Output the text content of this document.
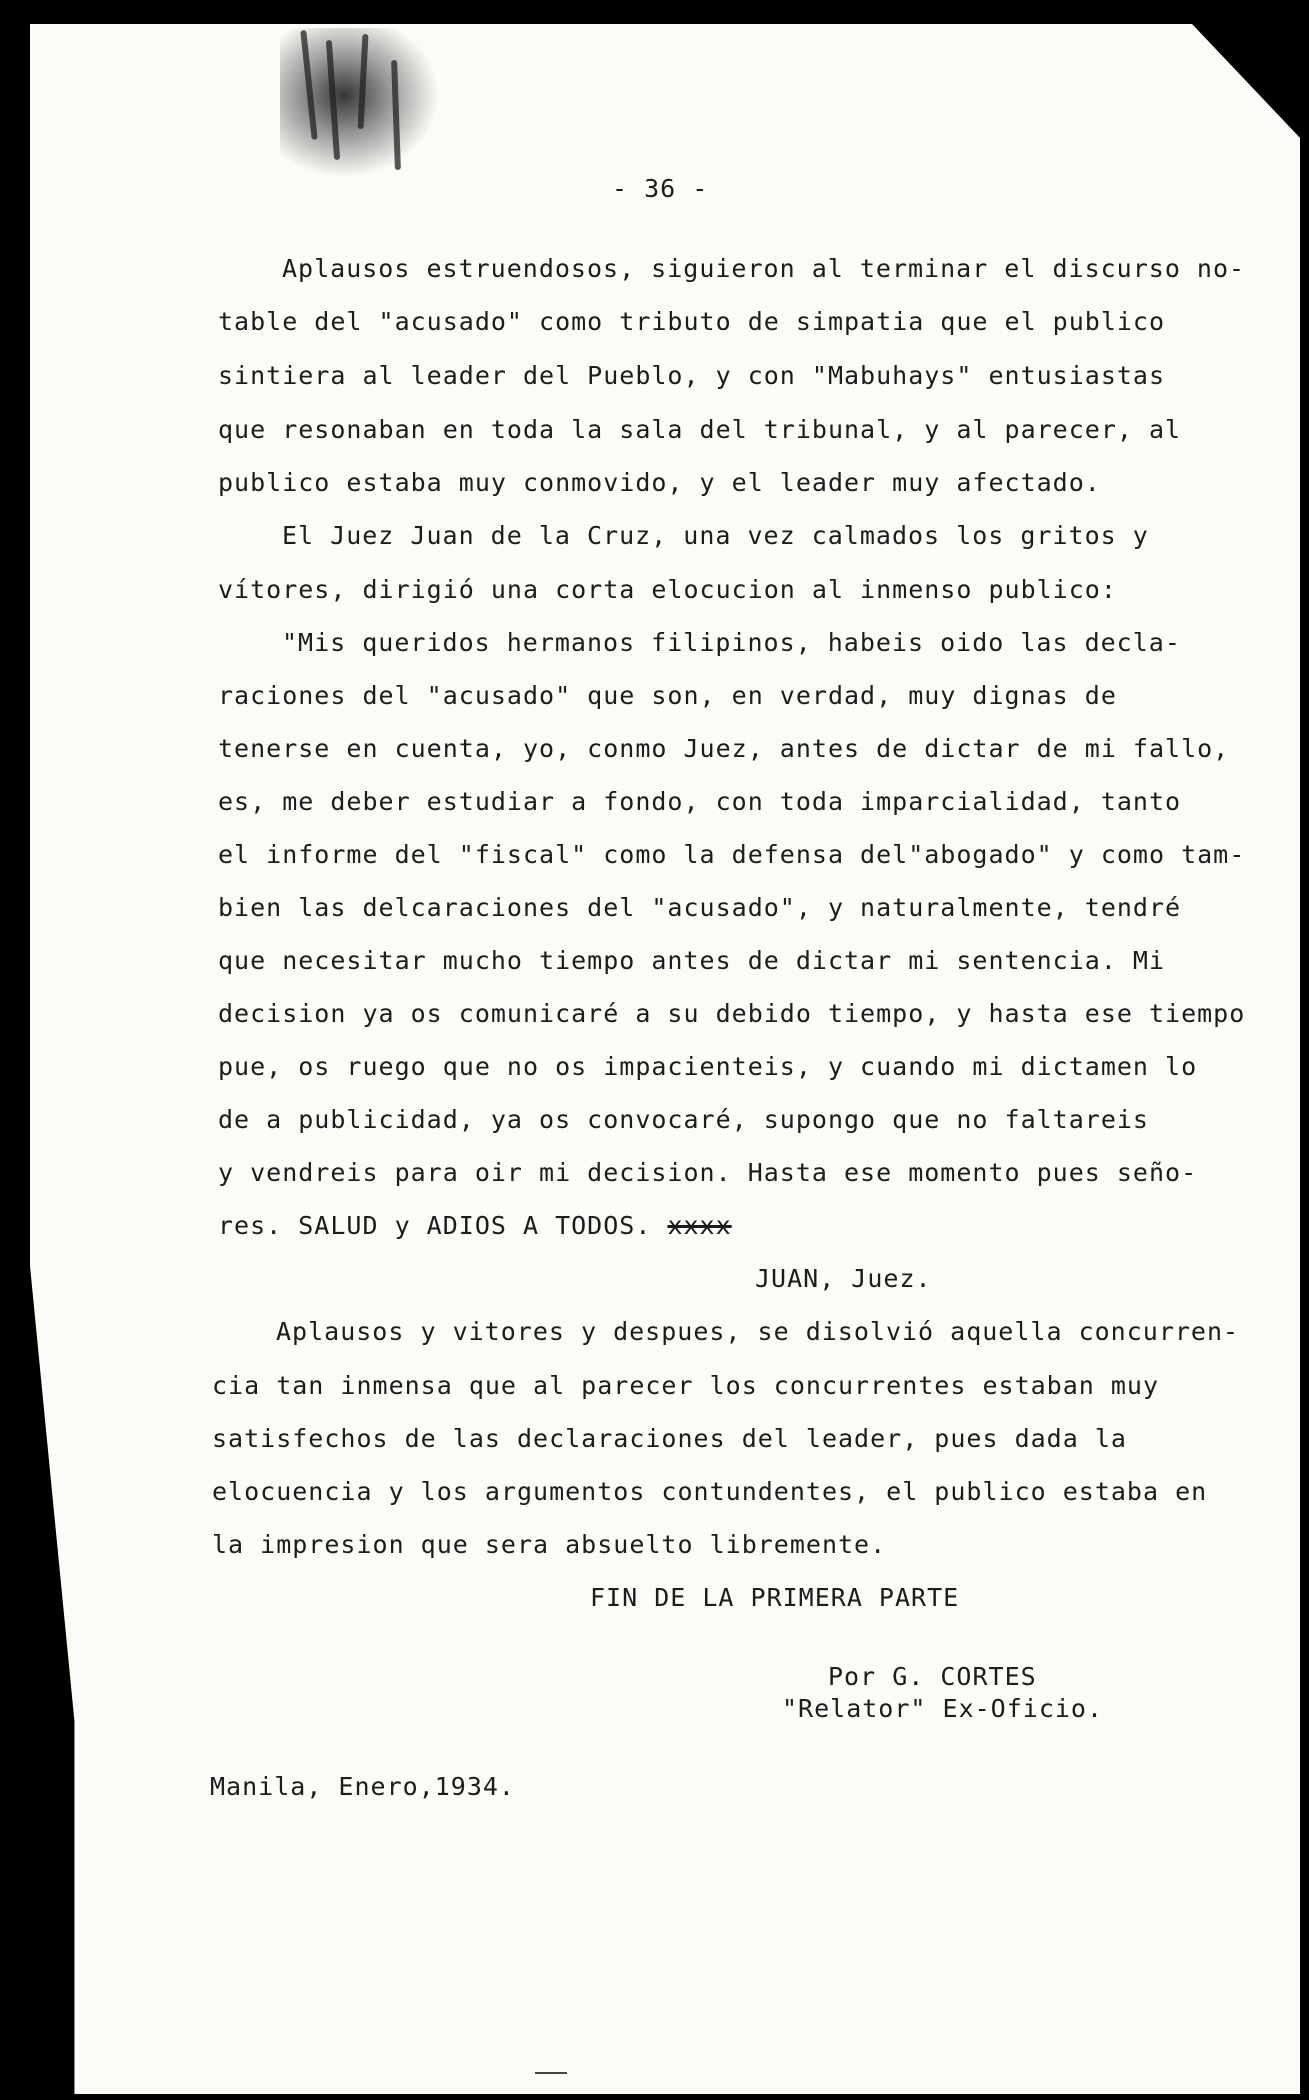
- 36 -
Aplausos estruendosos, siguieron al terminar el discurso no-
table del "acusado" como tributo de simpatia que el publico
sintiera al leader del Pueblo, y con "Mabuhays" entusiastas
que resonaban en toda la sala del tribunal, y al parecer, al
publico estaba muy conmovido, y el leader muy afectado.
El Juez Juan de la Cruz, una vez calmados los gritos y
vítores, dirigió una corta elocucion al inmenso publico:
"Mis queridos hermanos filipinos, habeis oido las decla-
raciones del "acusado" que son, en verdad, muy dignas de
tenerse en cuenta, yo, conmo Juez, antes de dictar de mi fallo,
es, me deber estudiar a fondo, con toda imparcialidad, tanto
el informe del "fiscal" como la defensa del"abogado" y como tam-
bien las delcaraciones del "acusado", y naturalmente, tendré
que necesitar mucho tiempo antes de dictar mi sentencia. Mi
decision ya os comunicaré a su debido tiempo, y hasta ese tiempo
pue, os ruego que no os impacienteis, y cuando mi dictamen lo
de a publicidad, ya os convocaré, supongo que no faltareis
y vendreis para oir mi decision. Hasta ese momento pues seño-
res. SALUD y ADIOS A TODOS. xxxx
JUAN, Juez.
Aplausos y vitores y despues, se disolvió aquella concurren-
cia tan inmensa que al parecer los concurrentes estaban muy
satisfechos de las declaraciones del leader, pues dada la
elocuencia y los argumentos contundentes, el publico estaba en
la impresion que sera absuelto libremente.
FIN DE LA PRIMERA PARTE
Por G. CORTES
"Relator" Ex-Oficio.
Manila, Enero,1934.
